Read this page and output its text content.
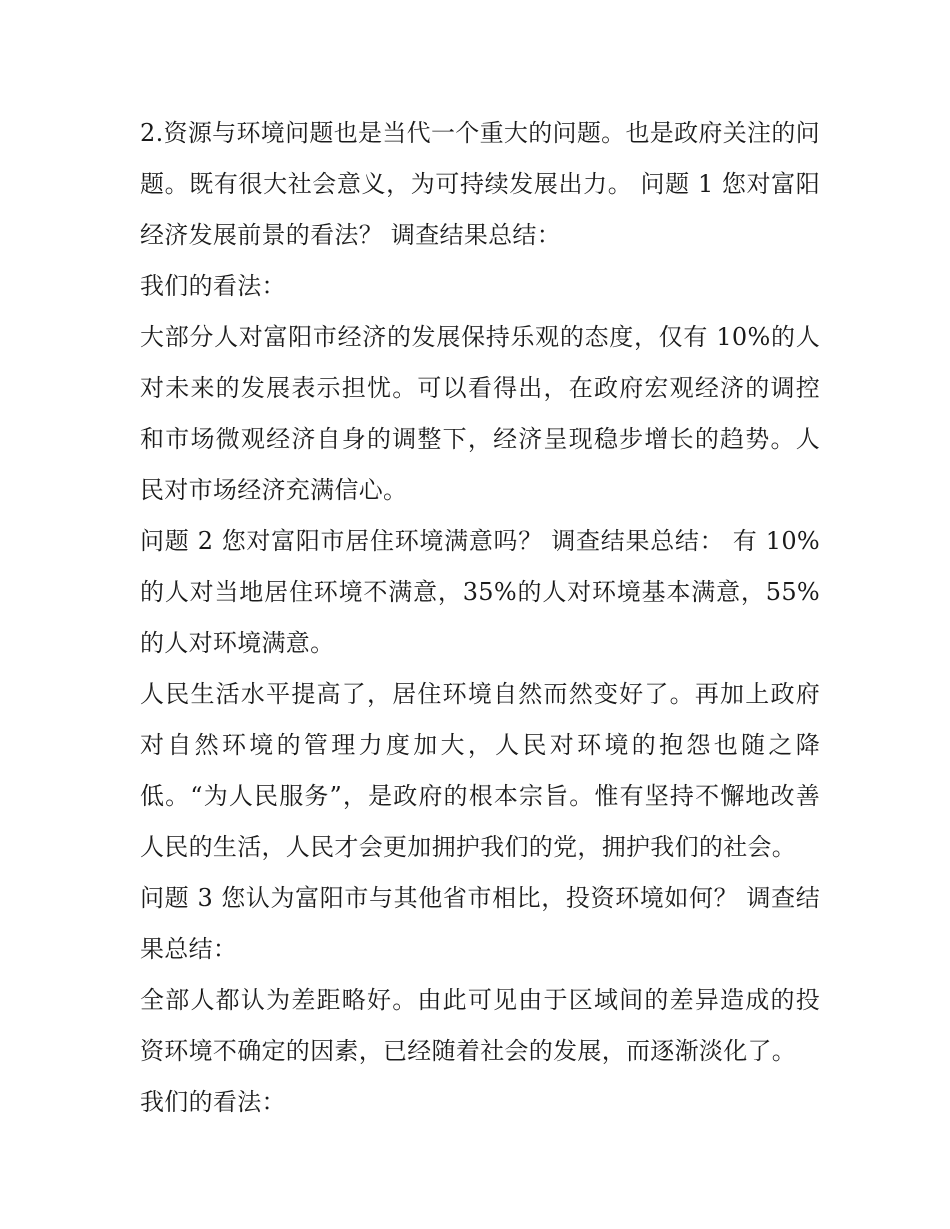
2.资源与环境问题也是当代一个重大的问题。也是政府关注的问题。既有很大社会意义，为可持续发展出力。 问题 1 您对富阳经济发展前景的看法？ 调查结果总结：

我们的看法：

大部分人对富阳市经济的发展保持乐观的态度，仅有 10%的人对未来的发展表示担忧。可以看得出，在政府宏观经济的调控和市场微观经济自身的调整下，经济呈现稳步增长的趋势。人民对市场经济充满信心。

问题 2 您对富阳市居住环境满意吗？ 调查结果总结： 有 10%的人对当地居住环境不满意，35%的人对环境基本满意，55%的人对环境满意。

人民生活水平提高了，居住环境自然而然变好了。再加上政府对自然环境的管理力度加大，人民对环境的抱怨也随之降低。“为人民服务”，是政府的根本宗旨。惟有坚持不懈地改善人民的生活，人民才会更加拥护我们的党，拥护我们的社会。

问题 3 您认为富阳市与其他省市相比，投资环境如何？ 调查结果总结：

全部人都认为差距略好。由此可见由于区域间的差异造成的投资环境不确定的因素，已经随着社会的发展，而逐渐淡化了。

我们的看法：
